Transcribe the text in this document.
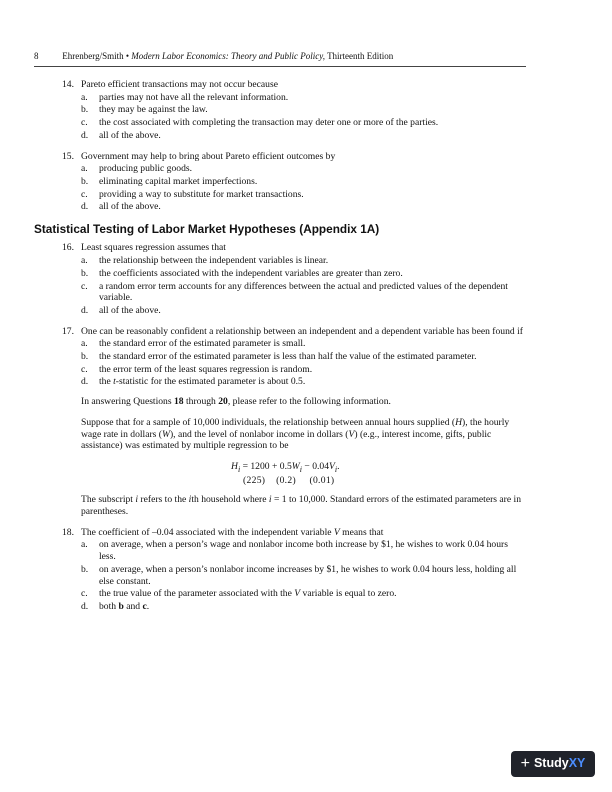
8	Ehrenberg/Smith • Modern Labor Economics: Theory and Public Policy, Thirteenth Edition
14. Pareto efficient transactions may not occur because
a. parties may not have all the relevant information.
b. they may be against the law.
c. the cost associated with completing the transaction may deter one or more of the parties.
d. all of the above.
15. Government may help to bring about Pareto efficient outcomes by
a. producing public goods.
b. eliminating capital market imperfections.
c. providing a way to substitute for market transactions.
d. all of the above.
Statistical Testing of Labor Market Hypotheses (Appendix 1A)
16. Least squares regression assumes that
a. the relationship between the independent variables is linear.
b. the coefficients associated with the independent variables are greater than zero.
c. a random error term accounts for any differences between the actual and predicted values of the dependent variable.
d. all of the above.
17. One can be reasonably confident a relationship between an independent and a dependent variable has been found if
a. the standard error of the estimated parameter is small.
b. the standard error of the estimated parameter is less than half the value of the estimated parameter.
c. the error term of the least squares regression is random.
d. the t-statistic for the estimated parameter is about 0.5.
In answering Questions 18 through 20, please refer to the following information.
Suppose that for a sample of 10,000 individuals, the relationship between annual hours supplied (H), the hourly wage rate in dollars (W), and the level of nonlabor income in dollars (V) (e.g., interest income, gifts, public assistance) was estimated by multiple regression to be
$H_i = 1200 + 0.5W_i - 0.04V_i$.
(225)    (0.2)     (0.01)
The subscript i refers to the ith household where i = 1 to 10,000. Standard errors of the estimated parameters are in parentheses.
18. The coefficient of –0.04 associated with the independent variable V means that
a. on average, when a person’s wage and nonlabor income both increase by $1, he wishes to work 0.04 hours less.
b. on average, when a person’s nonlabor income increases by $1, he wishes to work 0.04 hours less, holding all else constant.
c. the true value of the parameter associated with the V variable is equal to zero.
d. both b and c.
+ Study XY
